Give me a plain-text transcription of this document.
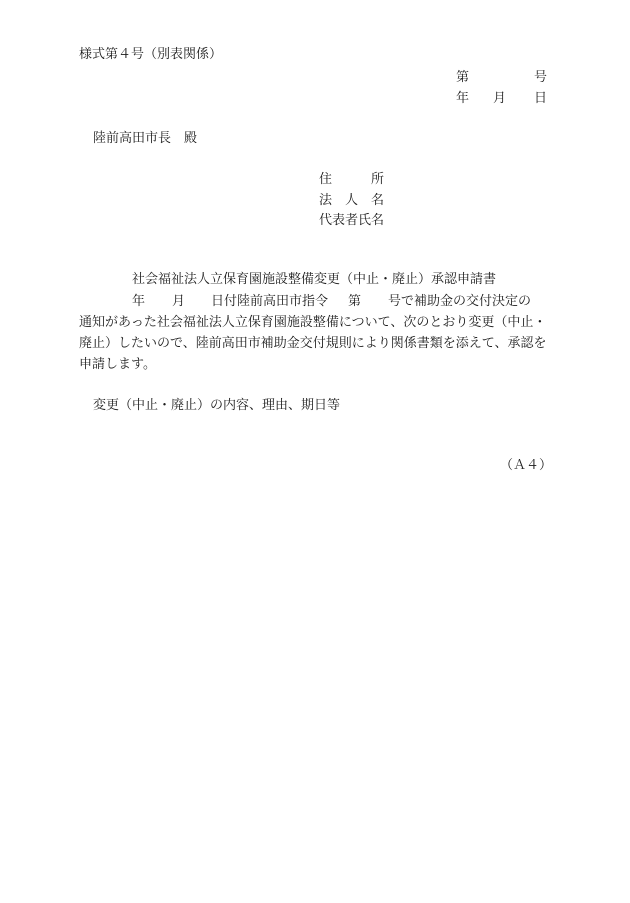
様式第４号（別表関係）
第	号
年 月 日
陸前高田市長　殿
住　　　所
法　人　名
代表者氏名
社会福祉法人立保育園施設整備変更（中止・廃止）承認申請書
年 月 日付陸前高田市指令 第 号で補助金の交付決定の
通知があった社会福祉法人立保育園施設整備について、次のとおり変更（中止・
廃止）したいので、陸前高田市補助金交付規則により関係書類を添えて、承認を
申請します。
変更（中止・廃止）の内容、理由、期日等
（Ａ４）
